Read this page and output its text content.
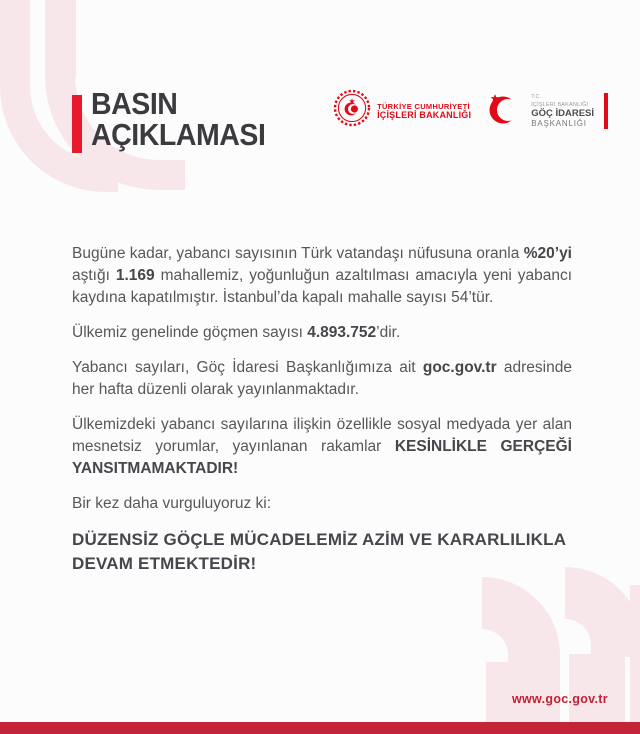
BASIN
AÇIKLAMASI
TÜRKİYE CUMHURİYETİ
İÇİŞLERİ BAKANLIĞI
T.C.
İÇİŞLERİ BAKANLIĞI
GÖÇ İDARESİ
BAŞKANLIĞI

Bugüne kadar, yabancı sayısının Türk vatandaşı nüfusuna oranla %20’yi aştığı 1.169 mahallemiz, yoğunluğun azaltılması amacıyla yeni yabancı kaydına kapatılmıştır. İstanbul’da kapalı mahalle sayısı 54’tür.

Ülkemiz genelinde göçmen sayısı 4.893.752’dir.

Yabancı sayıları, Göç İdaresi Başkanlığımıza ait goc.gov.tr adresinde her hafta düzenli olarak yayınlanmaktadır.

Ülkemizdeki yabancı sayılarına ilişkin özellikle sosyal medyada yer alan mesnetsiz yorumlar, yayınlanan rakamlar KESİNLİKLE GERÇEĞİ YANSITMAMAKTADIR!

Bir kez daha vurguluyoruz ki:

DÜZENSİZ GÖÇLE MÜCADELEMİZ AZİM VE KARARLILIKLA DEVAM ETMEKTEDİR!

www.goc.gov.tr
